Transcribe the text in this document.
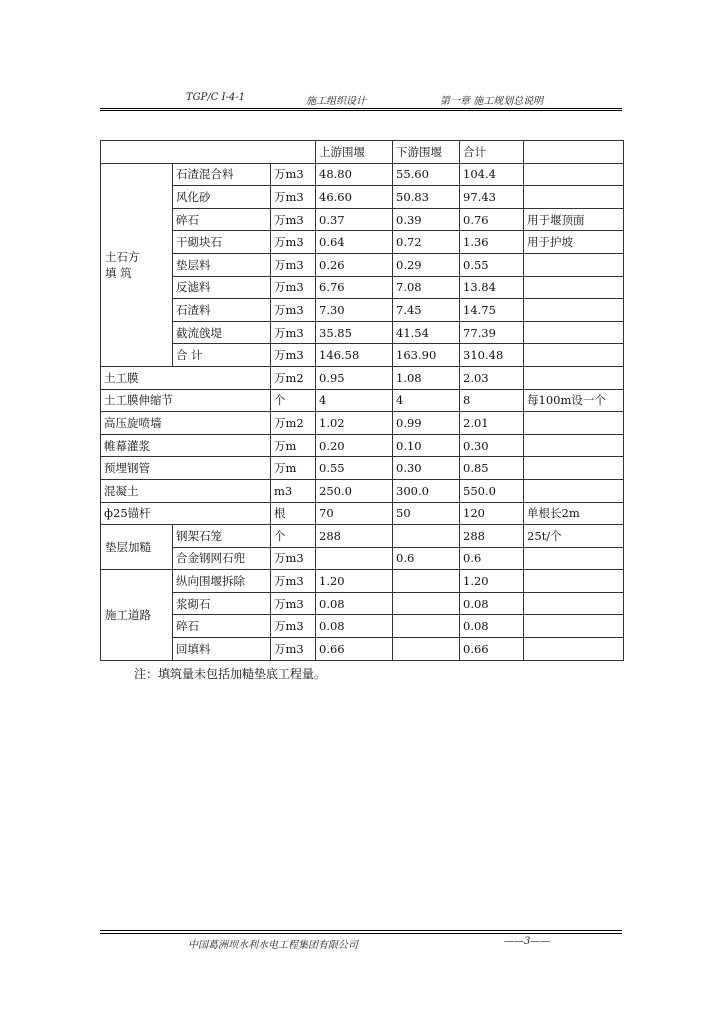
TGP/C Ⅰ-4-1	施工组织设计	第一章 施工规划总说明
			上游围堰	下游围堰	合计	
土石方
填 筑	石渣混合料	万m3	48.80	55.60	104.4	
	风化砂	万m3	46.60	50.83	97.43	
	碎石	万m3	0.37	0.39	0.76	用于堰顶面
	干砌块石	万m3	0.64	0.72	1.36	用于护坡
	垫层料	万m3	0.26	0.29	0.55	
	反滤料	万m3	6.76	7.08	13.84	
	石渣料	万m3	7.30	7.45	14.75	
	截流戗堤	万m3	35.85	41.54	77.39	
	合 计	万m3	146.58	163.90	310.48	
土工膜		万m2	0.95	1.08	2.03	
土工膜伸缩节		个	4	4	8	每100m设一个
高压旋喷墙		万m2	1.02	0.99	2.01	
帷幕灌浆		万m	0.20	0.10	0.30	
预埋钢管		万m	0.55	0.30	0.85	
混凝土		m3	250.0	300.0	550.0	
ф25锚杆		根	70	50	120	单根长2m
垫层加糙	钢架石笼	个	288		288	25t/个
	合金钢网石兜	万m3		0.6	0.6	
施工道路	纵向围堰拆除	万m3	1.20		1.20	
	浆砌石	万m3	0.08		0.08	
	碎石	万m3	0.08		0.08	
	回填料	万m3	0.66		0.66	
注：填筑量未包括加糙垫底工程量。
中国葛洲坝水利水电工程集团有限公司	——3——
